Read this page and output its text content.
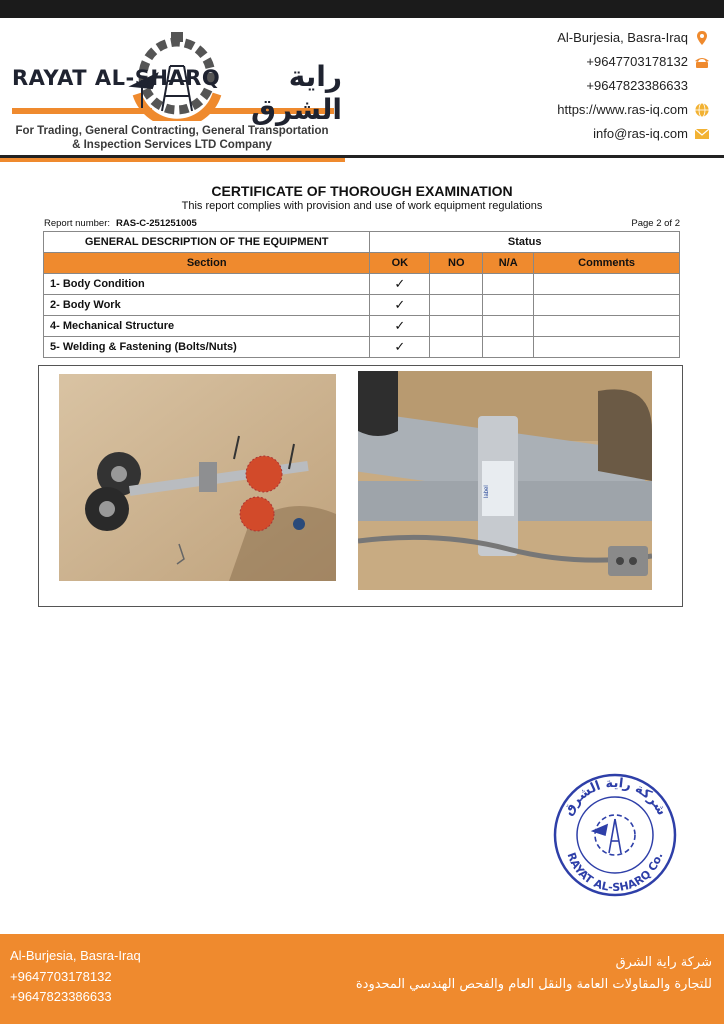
RAYAT AL-SHARQ	راية الشرق
For Trading, General Contracting, General Transportation
& Inspection Services LTD Company
Al-Burjesia, Basra-Iraq
+9647703178132
+9647823386633
https://www.ras-iq.com
info@ras-iq.com
CERTIFICATE OF THOROUGH EXAMINATION
This report complies with provision and use of work equipment regulations
Report number: RAS-C-251251005	Page 2 of 2
GENERAL DESCRIPTION OF THE EQUIPMENT	Status			
Section	OK	NO	N/A	Comments
1- Body Condition	✓			
2- Body Work	✓			
4- Mechanical Structure	✓			
5- Welding & Fastening (Bolts/Nuts)	✓			
label
شركة راية الشرق
RAYAT AL-SHARQ Co.
Al-Burjesia, Basra-Iraq
+9647703178132
+9647823386633
شركة راية الشرق
للتجارة والمقاولات العامة والنقل العام والفحص الهندسي المحدودة
